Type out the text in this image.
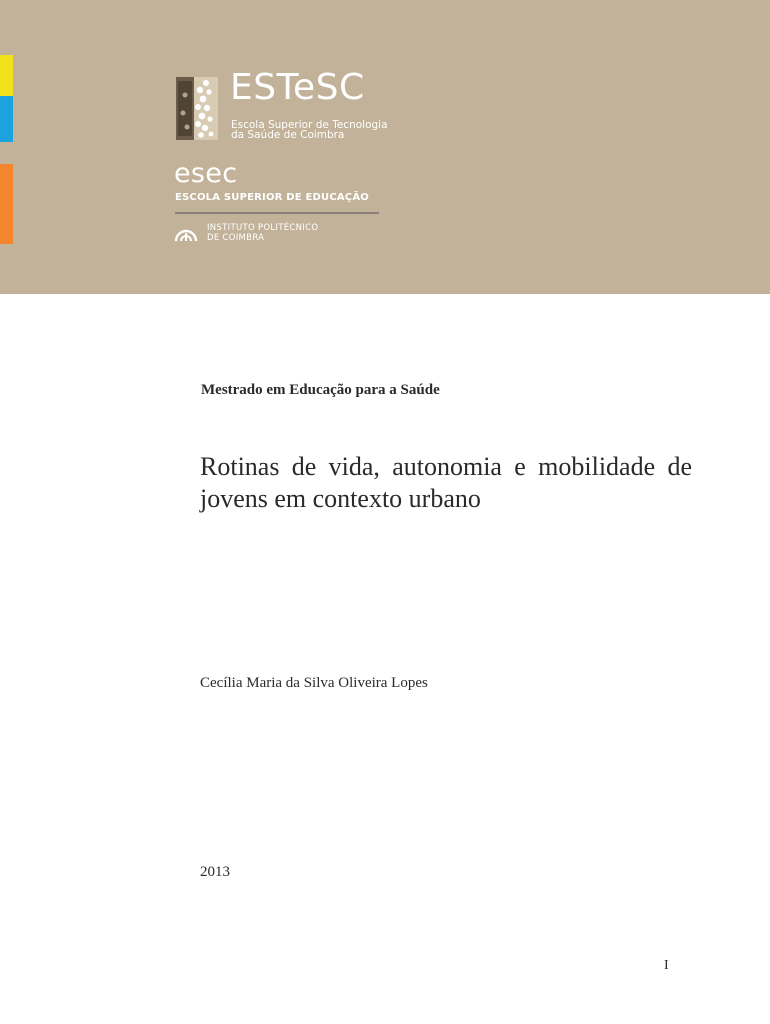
ESTeSC
Escola Superior de Tecnologia
da Saúde de Coimbra
esec
ESCOLA SUPERIOR DE EDUCAÇÃO
INSTITUTO POLITÉCNICO
DE COIMBRA
Mestrado em Educação para a Saúde
Rotinas de vida, autonomia e mobilidade de jovens em contexto urbano
Cecília Maria da Silva Oliveira Lopes
2013
I
